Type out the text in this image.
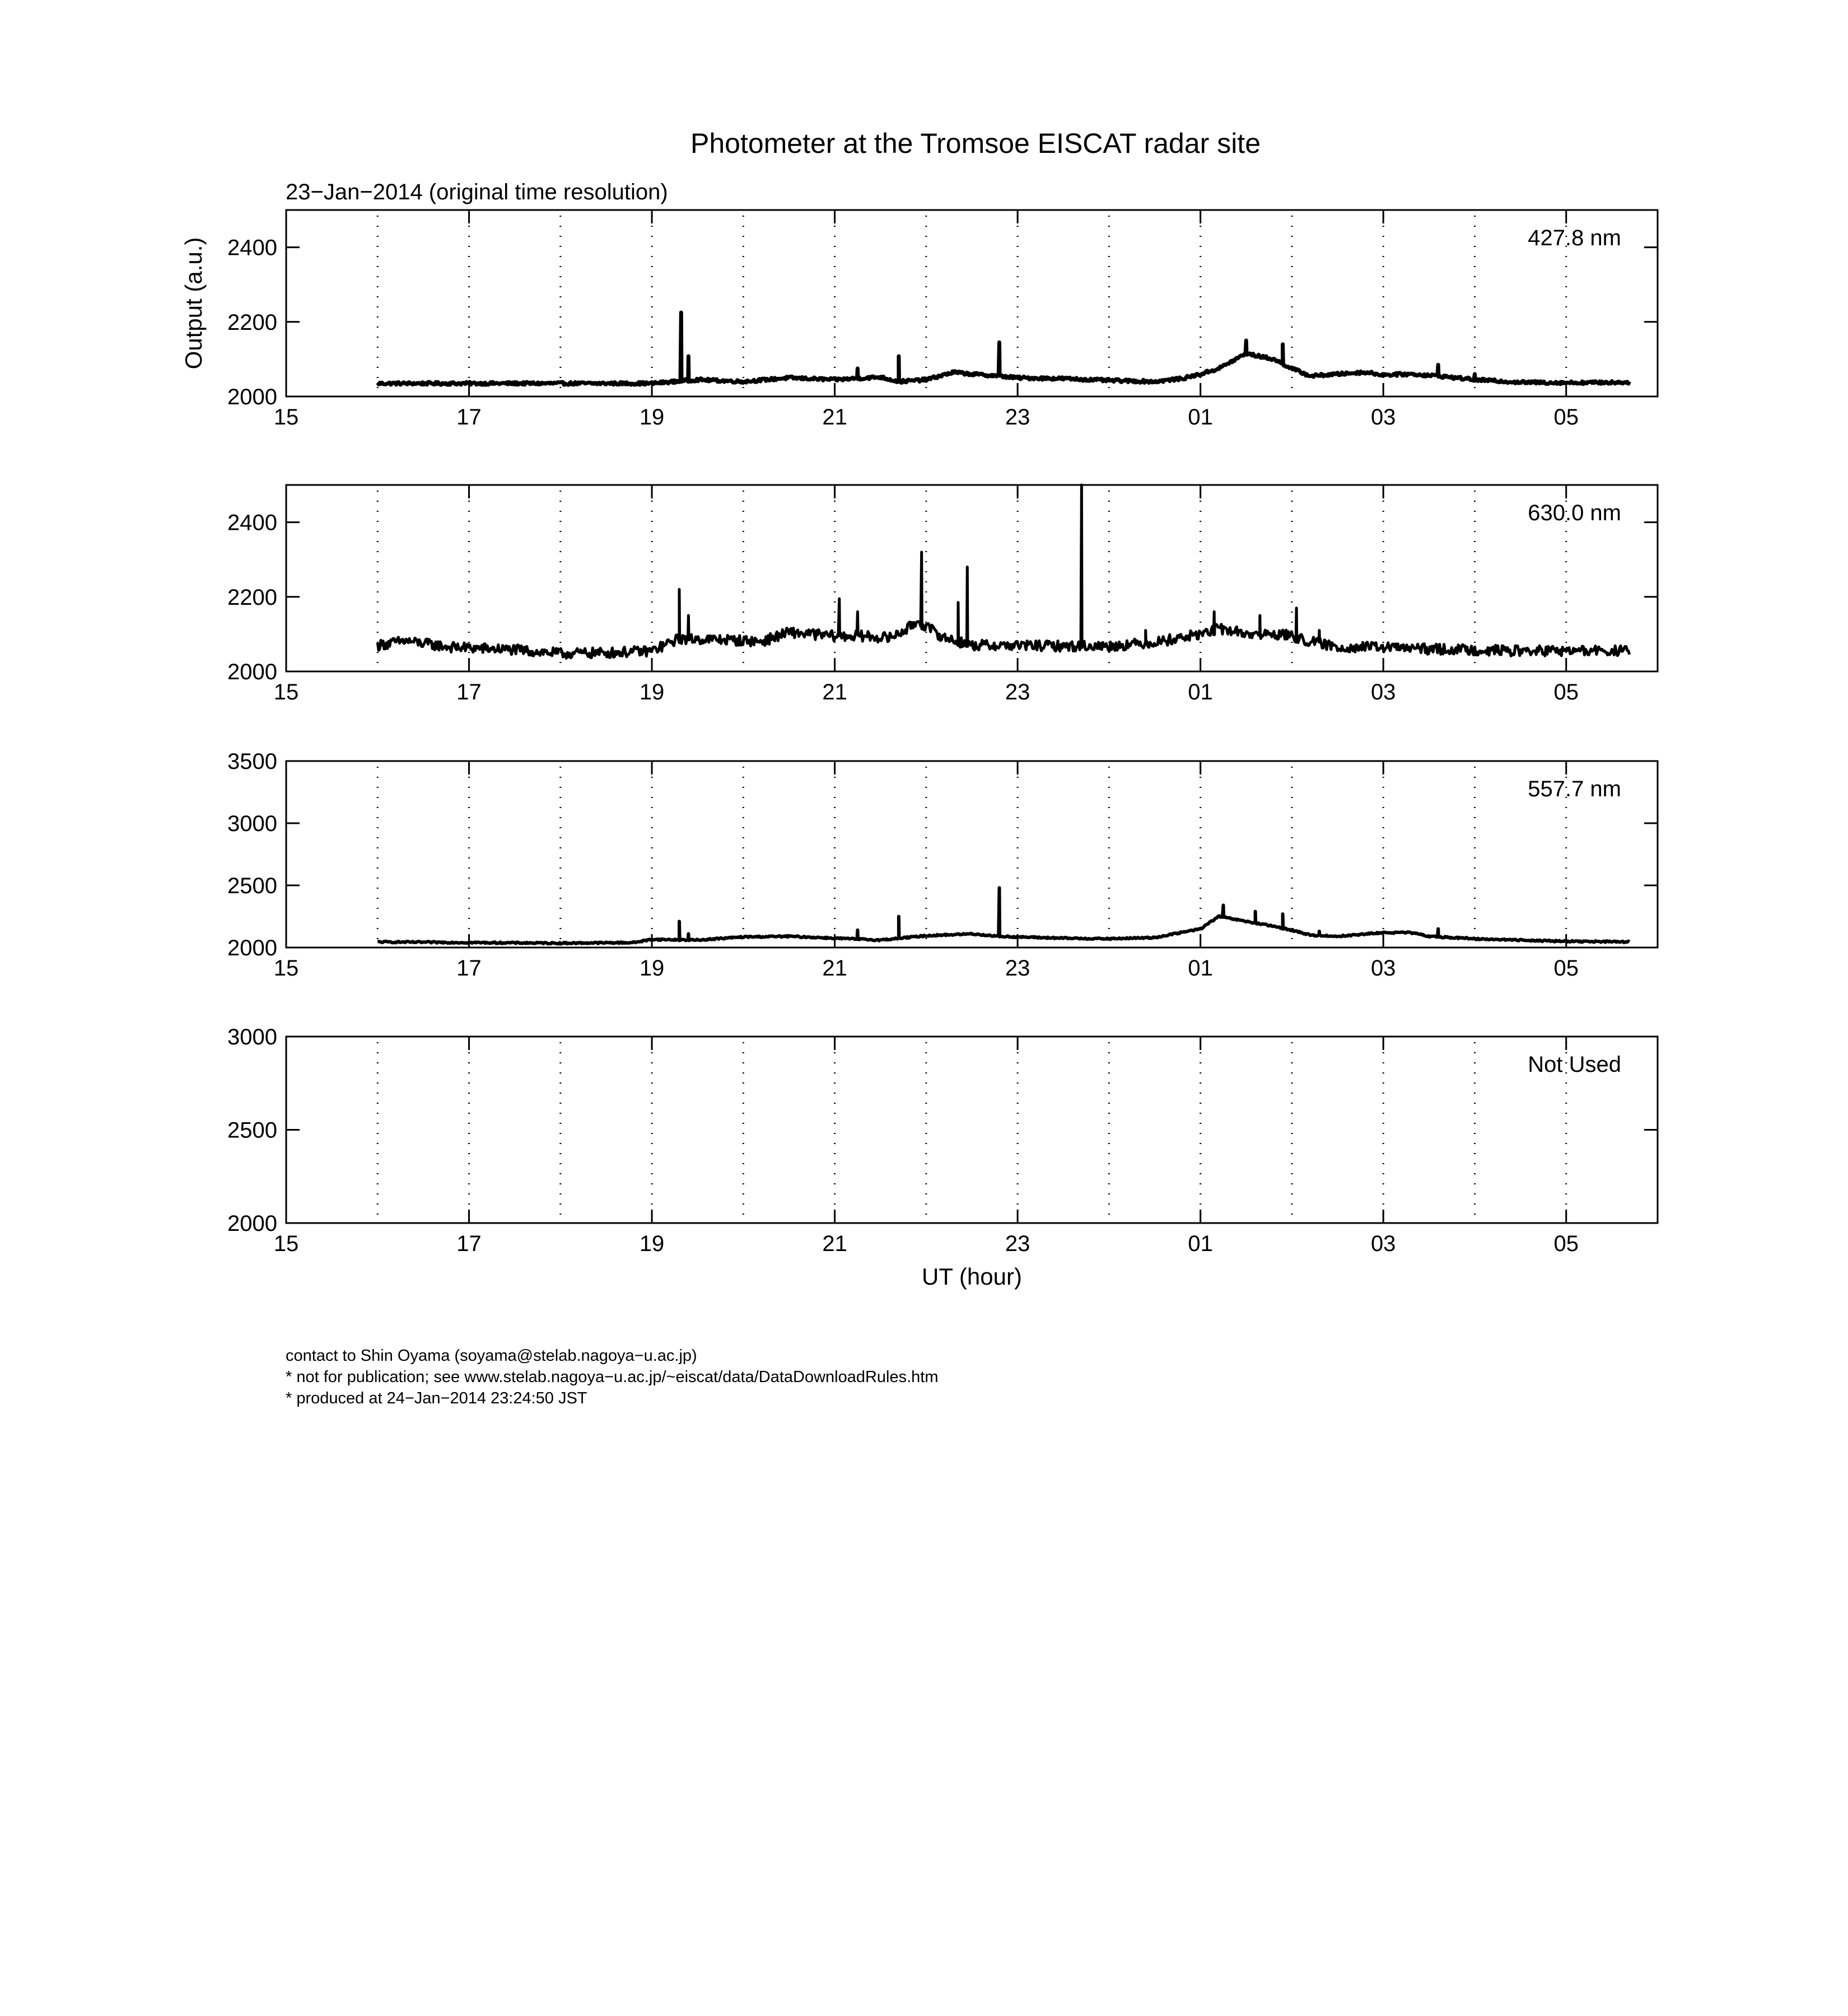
Photometer at the Tromsoe EISCAT radar site
23−Jan−2014 (original time resolution)
15	17	19	21	23	01	03	05
2000
2200
2400	427.8 nm
Output (a.u.)
15	17	19	21	23	01	03	05
2000
2200
2400	630.0 nm
15	17	19	21	23	01	03	05
2000
2500
3000
3500
557.7 nm
15	17	19	21	23	01	03	05
2000
2500
3000
Not Used
UT (hour)
contact to Shin Oyama (soyama@stelab.nagoya−u.ac.jp)
* not for publication; see www.stelab.nagoya−u.ac.jp/~eiscat/data/DataDownloadRules.htm
* produced at 24−Jan−2014 23:24:50 JST
